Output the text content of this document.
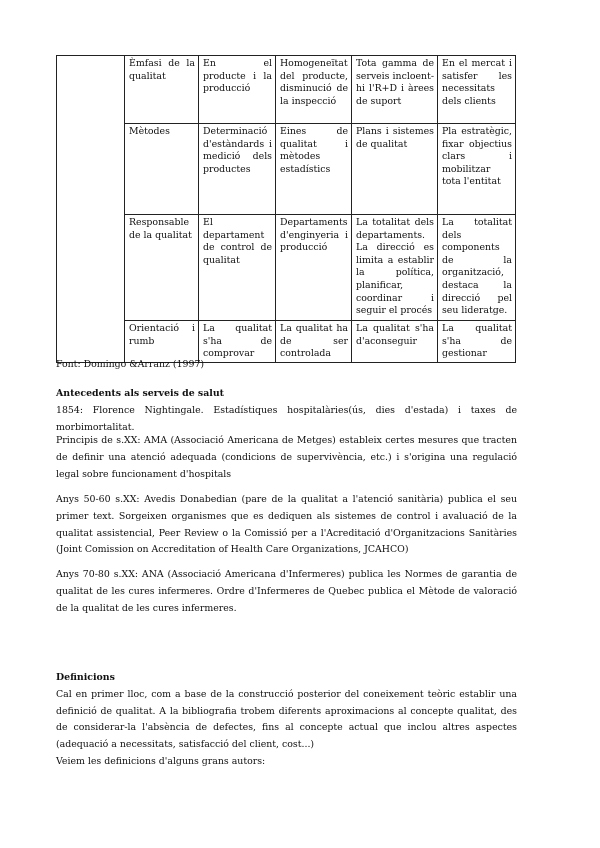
	Èmfasi de la qualitat	En el producte i la producció	Homogeneïtat del producte, disminució de la inspecció	Tota gamma de serveis incloent-hi l'R+D i àrees de suport	En el mercat i satisfer les necessitats dels clients
	Mètodes	Determinació d'estàndards i medició dels productes	Eines de qualitat i mètodes estadístics	Plans i sistemes de qualitat	Pla estratègic, fixar objectius clars i mobilitzar tota l'entitat
	Responsable de la qualitat	El departament de control de qualitat	Departaments d'enginyeria i producció	La totalitat dels departaments. La direcció es limita a establir la política, planificar, coordinar i seguir el procés	La totalitat dels components de la organització, destaca la direcció pel seu lideratge.
	Orientació i rumb	La qualitat s'ha de comprovar	La qualitat ha de ser controlada	La qualitat s'ha d'aconseguir	La qualitat s'ha de gestionar
Font: Domingo &Arranz (1997)

Antecedents als serveis de salut

1854: Florence Nightingale. Estadístiques hospitalàries(ús, dies d'estada) i taxes de morbimortalitat.

Principis de s.XX: AMA (Associació Americana de Metges) estableix certes mesures que tracten de definir una atenció adequada (condicions de supervivència, etc.) i s'origina una regulació legal sobre funcionament d'hospitals
Anys 50-60 s.XX: Avedis Donabedian (pare de la qualitat a l'atenció sanitària) publica el seu primer text. Sorgeixen organismes que es dediquen als sistemes de control i avaluació de la qualitat assistencial, Peer Review o la Comissió per a l'Acreditació d'Organitzacions Sanitàries (Joint Comission on Accreditation of Health Care Organizations, JCAHCO)
Anys 70-80 s.XX: ANA (Associació Americana d'Infermeres) publica les Normes de garantia de qualitat de les cures infermeres. Ordre d'Infermeres de Quebec publica el Mètode de valoració de la qualitat de les cures infermeres.

Definicions

Cal en primer lloc, com a base de la construcció posterior del coneixement teòric establir una definició de qualitat. A la bibliografia trobem diferents aproximacions al concepte qualitat, des de considerar-la l'absència de defectes, fins al concepte actual que inclou altres aspectes (adequació a necessitats, satisfacció del client, cost...)

Veiem les definicions d'alguns grans autors:
